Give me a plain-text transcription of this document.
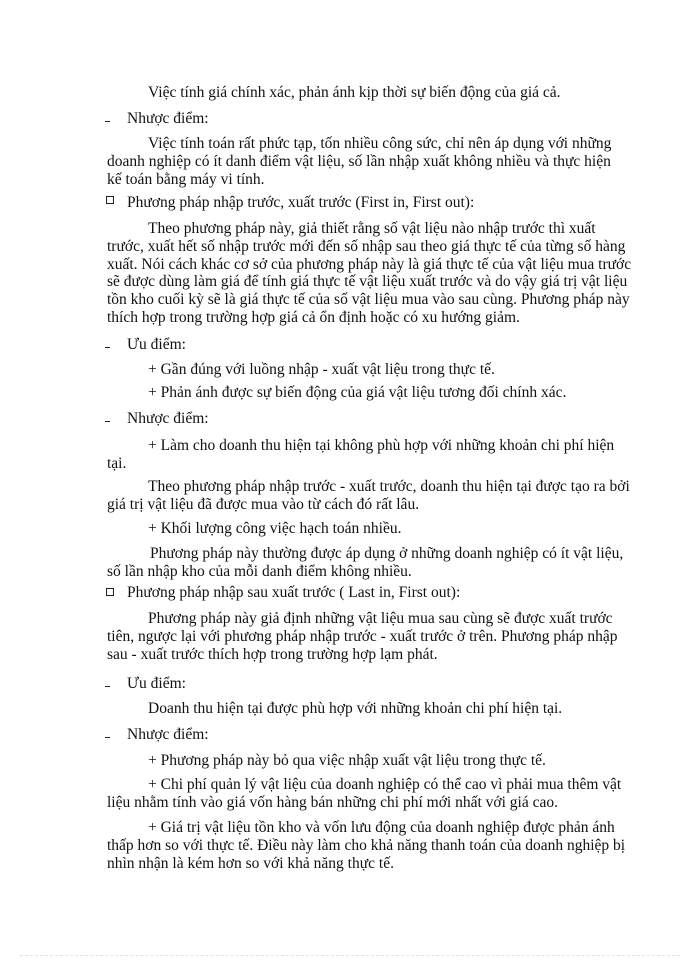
Việc tính giá chính xác, phản ánh kịp thời sự biến động của giá cả.
Nhược điểm:
Việc tính toán rất phức tạp, tốn nhiều công sức, chỉ nên áp dụng với những
doanh nghiệp có ít danh điểm vật liệu, số lần nhập xuất không nhiều và thực hiện
kế toán bằng máy vi tính.
Phương pháp nhập trước, xuất trước (First in, First out):
Theo phương pháp này, giả thiết rằng số vật liệu nào nhập trước thì xuất
trước, xuất hết số nhập trước mới đến số nhập sau theo giá thực tế của từng số hàng
xuất. Nói cách khác cơ sở của phương pháp này là giá thực tế của vật liệu mua trước
sẽ được dùng làm giá để tính giá thực tế vật liệu xuất trước và do vậy giá trị vật liệu
tồn kho cuối kỳ sẽ là giá thực tế của số vật liệu mua vào sau cùng. Phương pháp này
thích hợp trong trường hợp giá cả ổn định hoặc có xu hướng giảm.
Ưu điểm:
+ Gần đúng với luồng nhập - xuất vật liệu trong thực tế.
+ Phản ánh được sự biến động của giá vật liệu tương đối chính xác.
Nhược điểm:
+ Làm cho doanh thu hiện tại không phù hợp với những khoản chi phí hiện
tại.
Theo phương pháp nhập trước - xuất trước, doanh thu hiện tại được tạo ra bởi
giá trị vật liệu đã được mua vào từ cách đó rất lâu.
+ Khối lượng công việc hạch toán nhiều.
Phương pháp này thường được áp dụng ở những doanh nghiệp có ít vật liệu,
số lần nhập kho của mỗi danh điểm không nhiều.
Phương pháp nhập sau xuất trước ( Last in, First out):
Phương pháp này giả định những vật liệu mua sau cùng sẽ được xuất trước
tiên, ngược lại với phương pháp nhập trước - xuất trước ở trên. Phương pháp nhập
sau - xuất trước thích hợp trong trường hợp lạm phát.
Ưu điểm:
Doanh thu hiện tại được phù hợp với những khoản chi phí hiện tại.
Nhược điểm:
+ Phương pháp này bỏ qua việc nhập xuất vật liệu trong thực tế.
+ Chi phí quản lý vật liệu của doanh nghiệp có thể cao vì phải mua thêm vật
liệu nhằm tính vào giá vốn hàng bán những chi phí mới nhất với giá cao.
+ Giá trị vật liệu tồn kho và vốn lưu động của doanh nghiệp được phản ánh
thấp hơn so với thực tế. Điều này làm cho khả năng thanh toán của doanh nghiệp bị
nhìn nhận là kém hơn so với khả năng thực tế.
